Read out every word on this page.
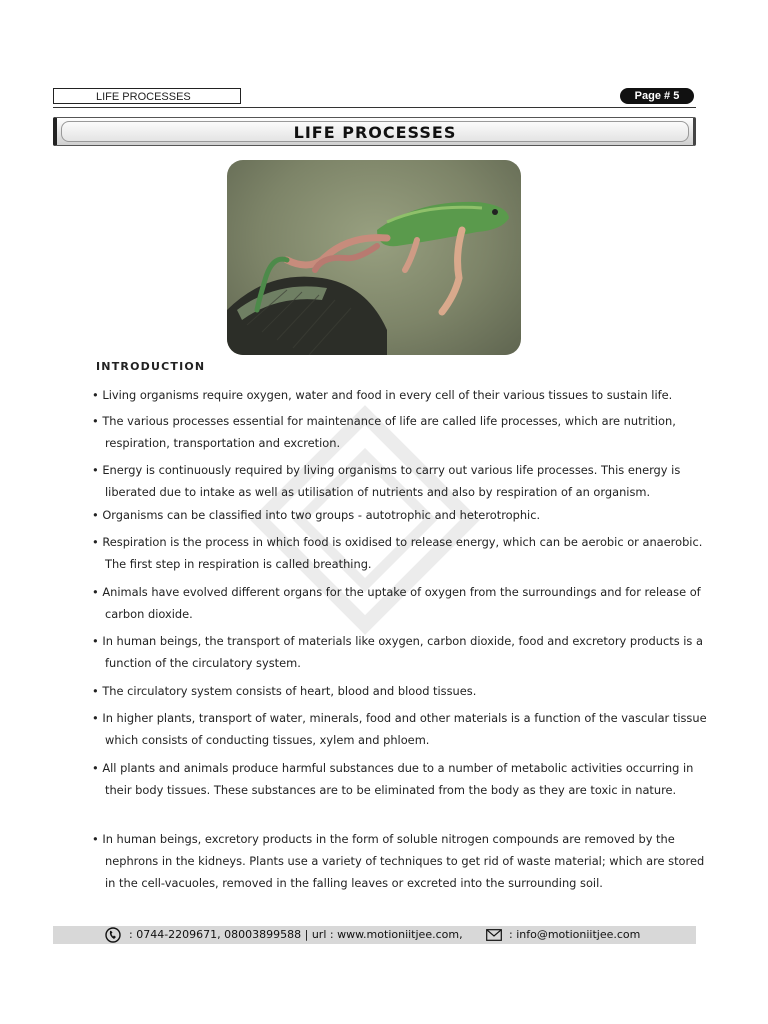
LIFE PROCESSES	Page # 5
LIFE PROCESSES
INTRODUCTION
• Living organisms require oxygen, water and food in every cell of their various tissues to sustain life.
• The various processes essential for maintenance of life are called life processes, which are nutrition, respiration, transportation and excretion.
• Energy is continuously required by living organisms to carry out various life processes. This energy is liberated due to intake as well as utilisation of nutrients and also by respiration of an organism.
• Organisms can be classified into two groups - autotrophic and heterotrophic.
• Respiration is the process in which food is oxidised to release energy, which can be aerobic or anaerobic. The first step in respiration is called breathing.
• Animals have evolved different organs for the uptake of oxygen from the surroundings and for release of carbon dioxide.
• In human beings, the transport of materials like oxygen, carbon dioxide, food and excretory products is a function of the circulatory system.
• The circulatory system consists of heart, blood and blood tissues.
• In higher plants, transport of water, minerals, food and other materials is a function of the vascular tissue which consists of conducting tissues, xylem and phloem.
• All plants and animals produce harmful substances due to a number of metabolic activities occurring in their body tissues. These substances are to be eliminated from the body as they are toxic in nature.
• In human beings, excretory products in the form of soluble nitrogen compounds are removed by the nephrons in the kidneys. Plants use a variety of techniques to get rid of waste material; which are stored in the cell-vacuoles, removed in the falling leaves or excreted into the surrounding soil.
: 0744-2209671, 08003899588 | url : www.motioniitjee.com,	: info@motioniitjee.com
